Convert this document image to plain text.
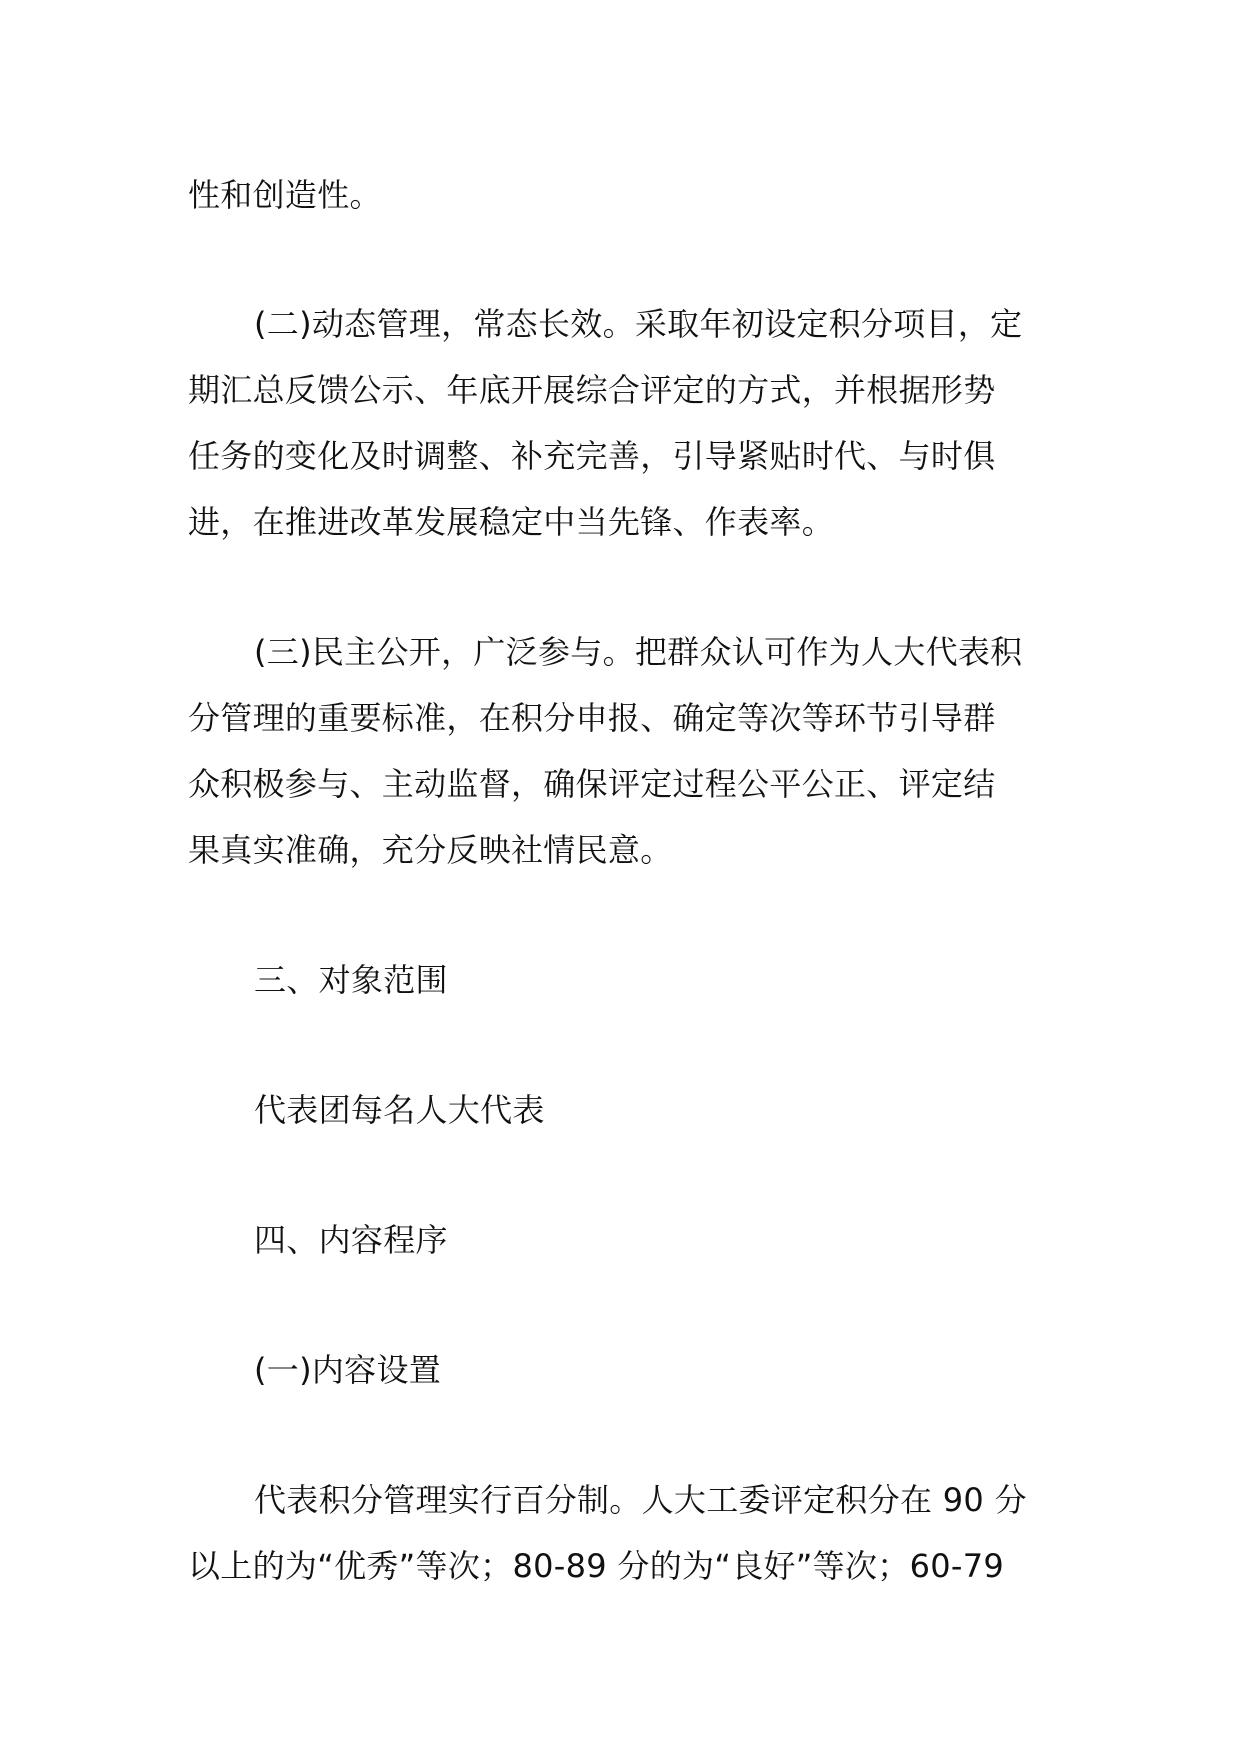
性和创造性。
(二)动态管理，常态长效。采取年初设定积分项目，定
期汇总反馈公示、年底开展综合评定的方式，并根据形势
任务的变化及时调整、补充完善，引导紧贴时代、与时俱
进，在推进改革发展稳定中当先锋、作表率。
(三)民主公开，广泛参与。把群众认可作为人大代表积
分管理的重要标准，在积分申报、确定等次等环节引导群
众积极参与、主动监督，确保评定过程公平公正、评定结
果真实准确，充分反映社情民意。
三、对象范围
代表团每名人大代表
四、内容程序
(一)内容设置
代表积分管理实行百分制。人大工委评定积分在 90 分
以上的为“优秀”等次；80-89 分的为“良好”等次；60-79
